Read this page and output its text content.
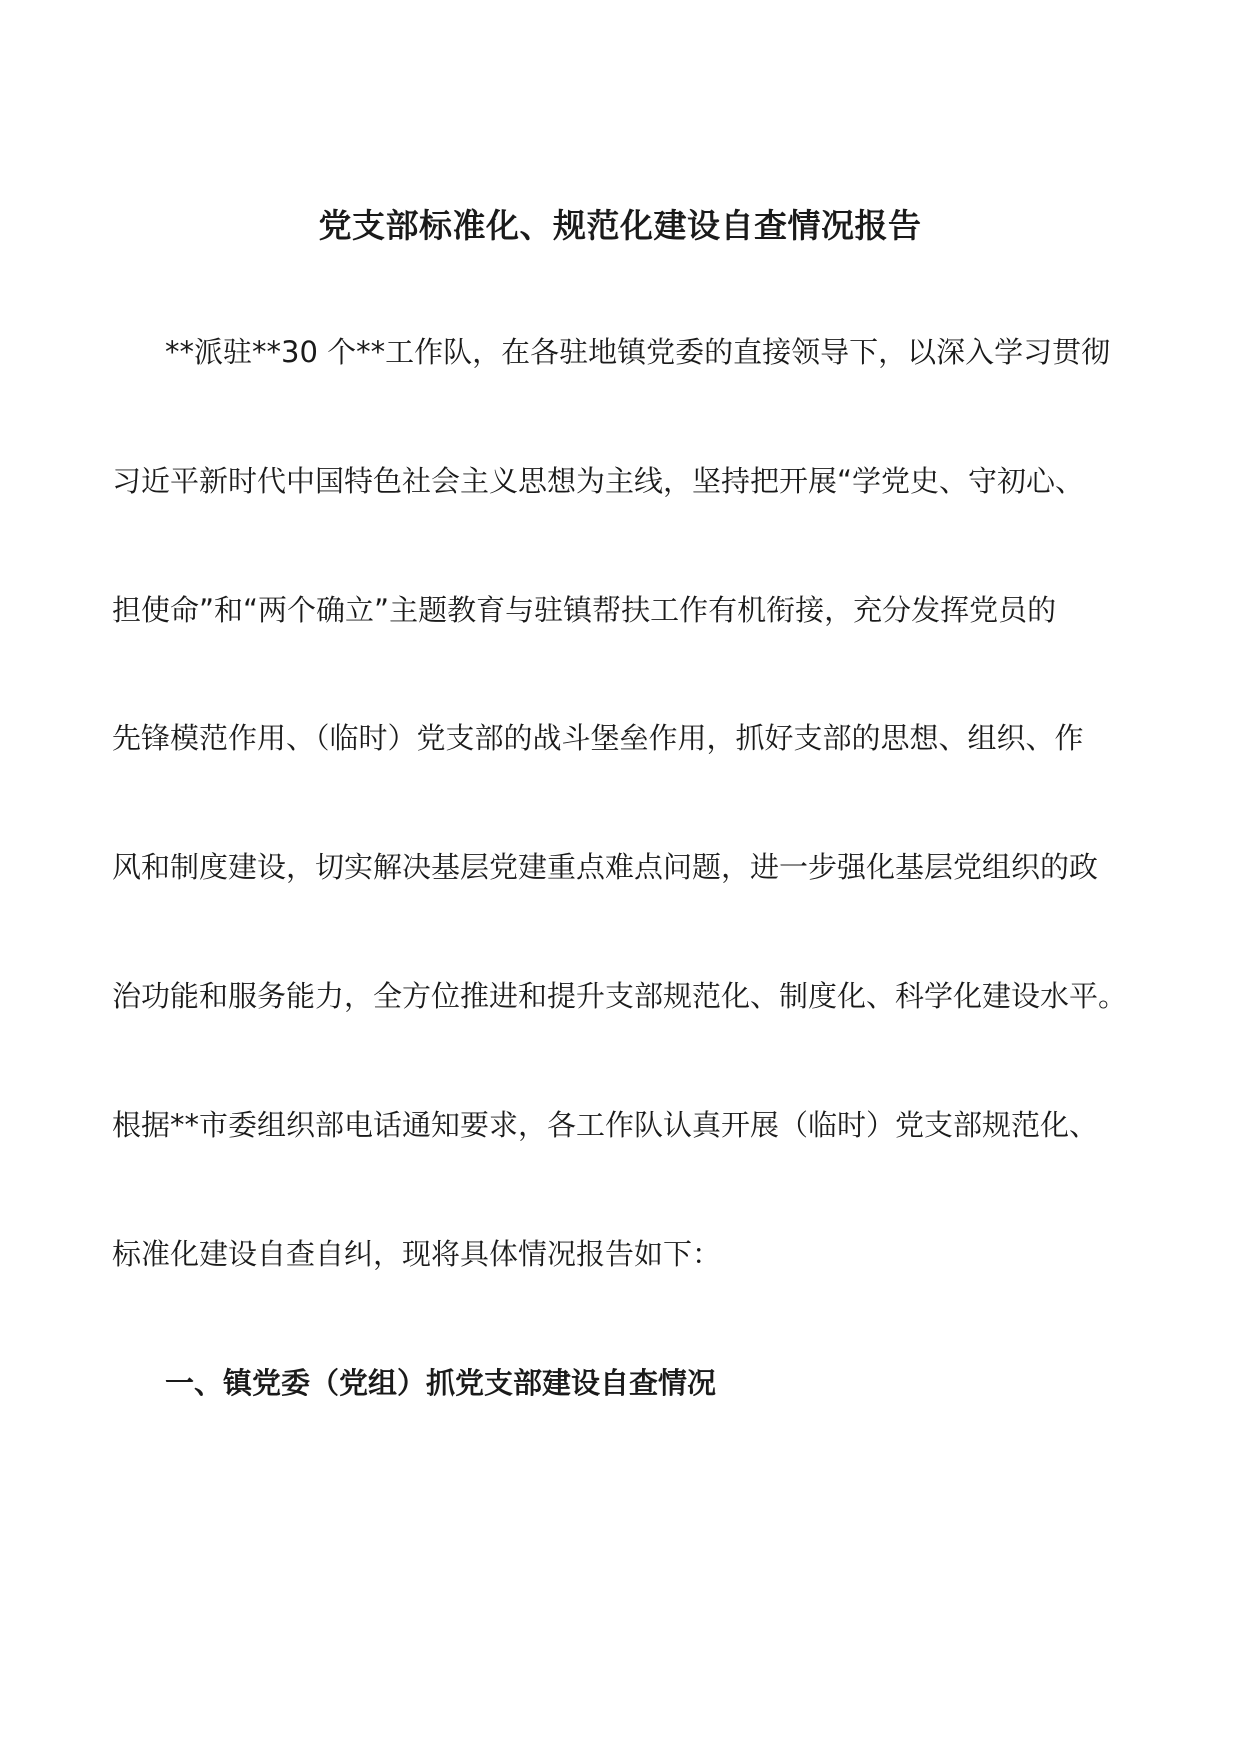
党支部标准化、规范化建设自查情况报告

**派驻**30 个**工作队，在各驻地镇党委的直接领导下，以深入学习贯彻

习近平新时代中国特色社会主义思想为主线，坚持把开展“学党史、守初心、

担使命”和“两个确立”主题教育与驻镇帮扶工作有机衔接，充分发挥党员的

先锋模范作用、（临时）党支部的战斗堡垒作用，抓好支部的思想、组织、作

风和制度建设，切实解决基层党建重点难点问题，进一步强化基层党组织的政

治功能和服务能力，全方位推进和提升支部规范化、制度化、科学化建设水平。

根据**市委组织部电话通知要求，各工作队认真开展（临时）党支部规范化、

标准化建设自查自纠，现将具体情况报告如下：

一、镇党委（党组）抓党支部建设自查情况
